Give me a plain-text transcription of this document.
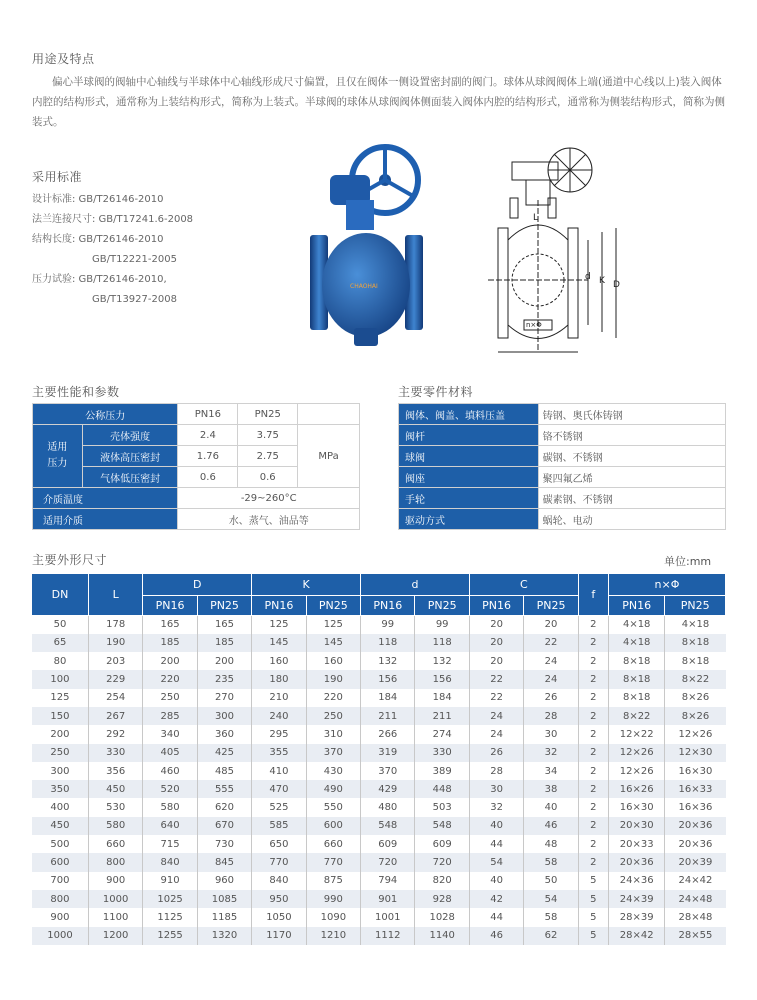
用途及特点
偏心半球阀的阀轴中心轴线与半球体中心轴线形成尺寸偏置，且仅在阀体一侧设置密封副的阀门。球体从球阀阀体上端(通道中心线以上)装入阀体内腔的结构形式，通常称为上装结构形式，简称为上装式。半球阀的球体从球阀阀体侧面装入阀体内腔的结构形式，通常称为侧装结构形式，简称为侧装式。
采用标准
设计标准: GB/T26146-2010
法兰连接尺寸: GB/T17241.6-2008
结构长度: GB/T26146-2010
GB/T12221-2005
压力试验: GB/T26146-2010,
GB/T13927-2008
CHAOHAI
L
d K D
n×Φ
主要性能和参数
公称压力		PN16	PN25	
适用
压力	壳体强度	2.4	3.75	MPa
	液体高压密封	1.76	2.75	
	气体低压密封	0.6	0.6	
介质温度		-29~260°C		
适用介质		水、蒸气、油品等		
主要零件材料
阀体、阀盖、填料压盖	铸钢、奥氏体铸钢
阀杆	铬不锈钢
球阀	碳钢、不锈钢
阀座	聚四氟乙烯
手轮	碳素钢、不锈钢
驱动方式	蜗轮、电动
主要外形尺寸	单位:mm
DN	L	D		K		d		C		f	n×Φ	
		PN16	PN25	PN16	PN25	PN16	PN25	PN16	PN25		PN16	PN25
50	178	165	165	125	125	99	99	20	20	2	4×18	4×18
65	190	185	185	145	145	118	118	20	22	2	4×18	8×18
80	203	200	200	160	160	132	132	20	24	2	8×18	8×18
100	229	220	235	180	190	156	156	22	24	2	8×18	8×22
125	254	250	270	210	220	184	184	22	26	2	8×18	8×26
150	267	285	300	240	250	211	211	24	28	2	8×22	8×26
200	292	340	360	295	310	266	274	24	30	2	12×22	12×26
250	330	405	425	355	370	319	330	26	32	2	12×26	12×30
300	356	460	485	410	430	370	389	28	34	2	12×26	16×30
350	450	520	555	470	490	429	448	30	38	2	16×26	16×33
400	530	580	620	525	550	480	503	32	40	2	16×30	16×36
450	580	640	670	585	600	548	548	40	46	2	20×30	20×36
500	660	715	730	650	660	609	609	44	48	2	20×33	20×36
600	800	840	845	770	770	720	720	54	58	2	20×36	20×39
700	900	910	960	840	875	794	820	40	50	5	24×36	24×42
800	1000	1025	1085	950	990	901	928	42	54	5	24×39	24×48
900	1100	1125	1185	1050	1090	1001	1028	44	58	5	28×39	28×48
1000	1200	1255	1320	1170	1210	1112	1140	46	62	5	28×42	28×55
